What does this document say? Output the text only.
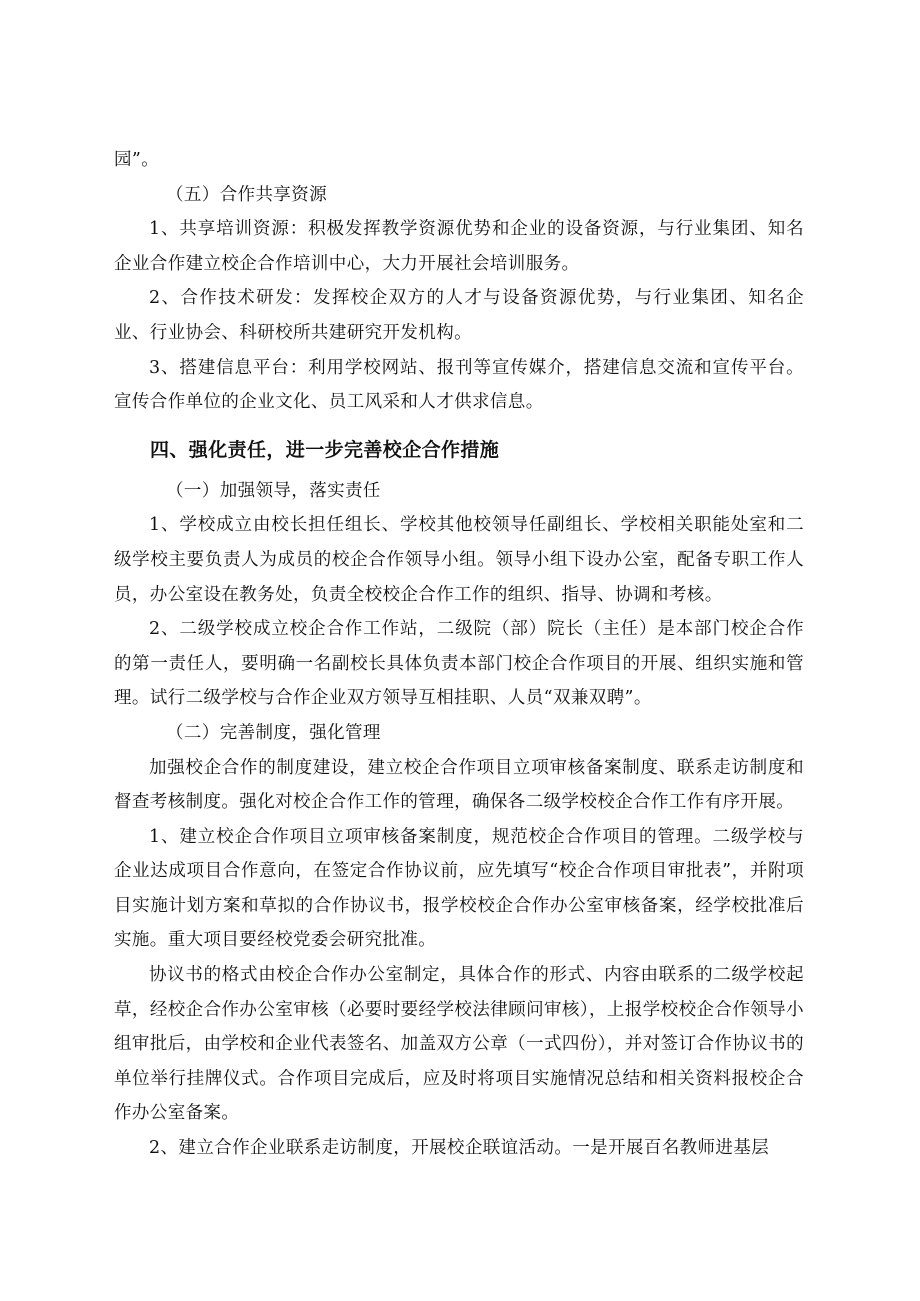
园”。

（五）合作共享资源

1、共享培训资源：积极发挥教学资源优势和企业的设备资源，与行业集团、知名企业合作建立校企合作培训中心，大力开展社会培训服务。

2、合作技术研发：发挥校企双方的人才与设备资源优势，与行业集团、知名企业、行业协会、科研校所共建研究开发机构。

3、搭建信息平台：利用学校网站、报刊等宣传媒介，搭建信息交流和宣传平台。宣传合作单位的企业文化、员工风采和人才供求信息。

四、强化责任，进一步完善校企合作措施

（一）加强领导，落实责任

1、学校成立由校长担任组长、学校其他校领导任副组长、学校相关职能处室和二级学校主要负责人为成员的校企合作领导小组。领导小组下设办公室，配备专职工作人员，办公室设在教务处，负责全校校企合作工作的组织、指导、协调和考核。

2、二级学校成立校企合作工作站，二级院（部）院长（主任）是本部门校企合作的第一责任人，要明确一名副校长具体负责本部门校企合作项目的开展、组织实施和管理。试行二级学校与合作企业双方领导互相挂职、人员“双兼双聘”。

（二）完善制度，强化管理

加强校企合作的制度建设，建立校企合作项目立项审核备案制度、联系走访制度和督查考核制度。强化对校企合作工作的管理，确保各二级学校校企合作工作有序开展。

1、建立校企合作项目立项审核备案制度，规范校企合作项目的管理。二级学校与企业达成项目合作意向，在签定合作协议前，应先填写“校企合作项目审批表”，并附项目实施计划方案和草拟的合作协议书，报学校校企合作办公室审核备案，经学校批准后实施。重大项目要经校党委会研究批准。

协议书的格式由校企合作办公室制定，具体合作的形式、内容由联系的二级学校起草，经校企合作办公室审核（必要时要经学校法律顾问审核），上报学校校企合作领导小组审批后，由学校和企业代表签名、加盖双方公章（一式四份），并对签订合作协议书的单位举行挂牌仪式。合作项目完成后，应及时将项目实施情况总结和相关资料报校企合作办公室备案。

2、建立合作企业联系走访制度，开展校企联谊活动。一是开展百名教师进基层
